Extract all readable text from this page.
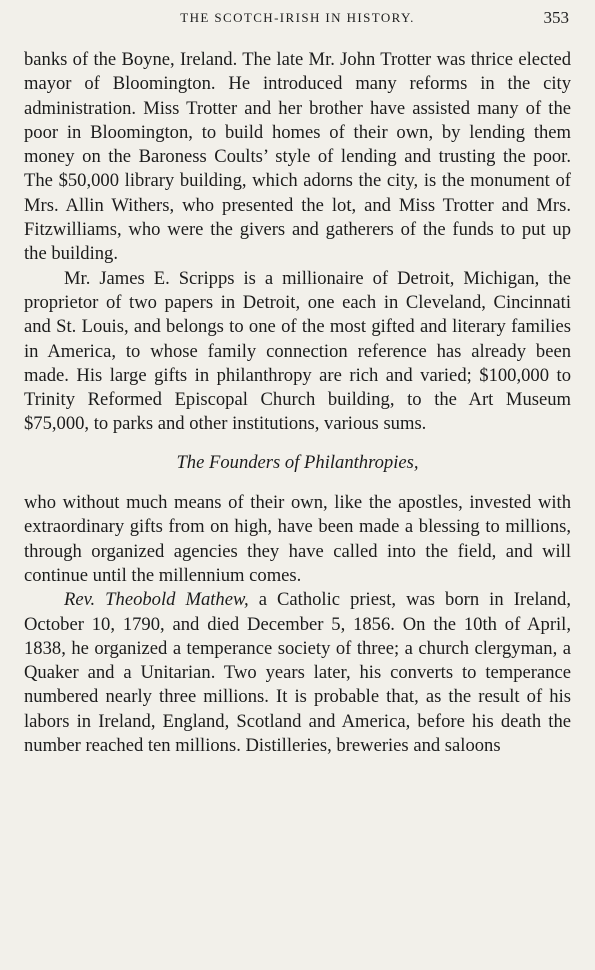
THE SCOTCH-IRISH IN HISTORY.	353

banks of the Boyne, Ireland. The late Mr. John Trotter was thrice elected mayor of Bloomington. He introduced many reforms in the city administration. Miss Trotter and her brother have assisted many of the poor in Bloomington, to build homes of their own, by lending them money on the Baroness Coults’ style of lending and trusting the poor. The $50,000 library building, which adorns the city, is the monument of Mrs. Allin Withers, who presented the lot, and Miss Trotter and Mrs. Fitzwilliams, who were the givers and gatherers of the funds to put up the building.

Mr. James E. Scripps is a millionaire of Detroit, Michigan, the proprietor of two papers in Detroit, one each in Cleveland, Cincinnati and St. Louis, and belongs to one of the most gifted and literary families in America, to whose family connection reference has already been made. His large gifts in philanthropy are rich and varied; $100,000 to Trinity Reformed Episcopal Church building, to the Art Museum $75,000, to parks and other institutions, various sums.

The Founders of Philanthropies,

who without much means of their own, like the apostles, invested with extraordinary gifts from on high, have been made a blessing to millions, through organized agencies they have called into the field, and will continue until the millennium comes.

Rev. Theobold Mathew, a Catholic priest, was born in Ireland, October 10, 1790, and died December 5, 1856. On the 10th of April, 1838, he organized a temperance society of three; a church clergyman, a Quaker and a Unitarian. Two years later, his converts to temperance numbered nearly three millions. It is probable that, as the result of his labors in Ireland, England, Scotland and America, before his death the number reached ten millions. Distilleries, breweries and saloons
